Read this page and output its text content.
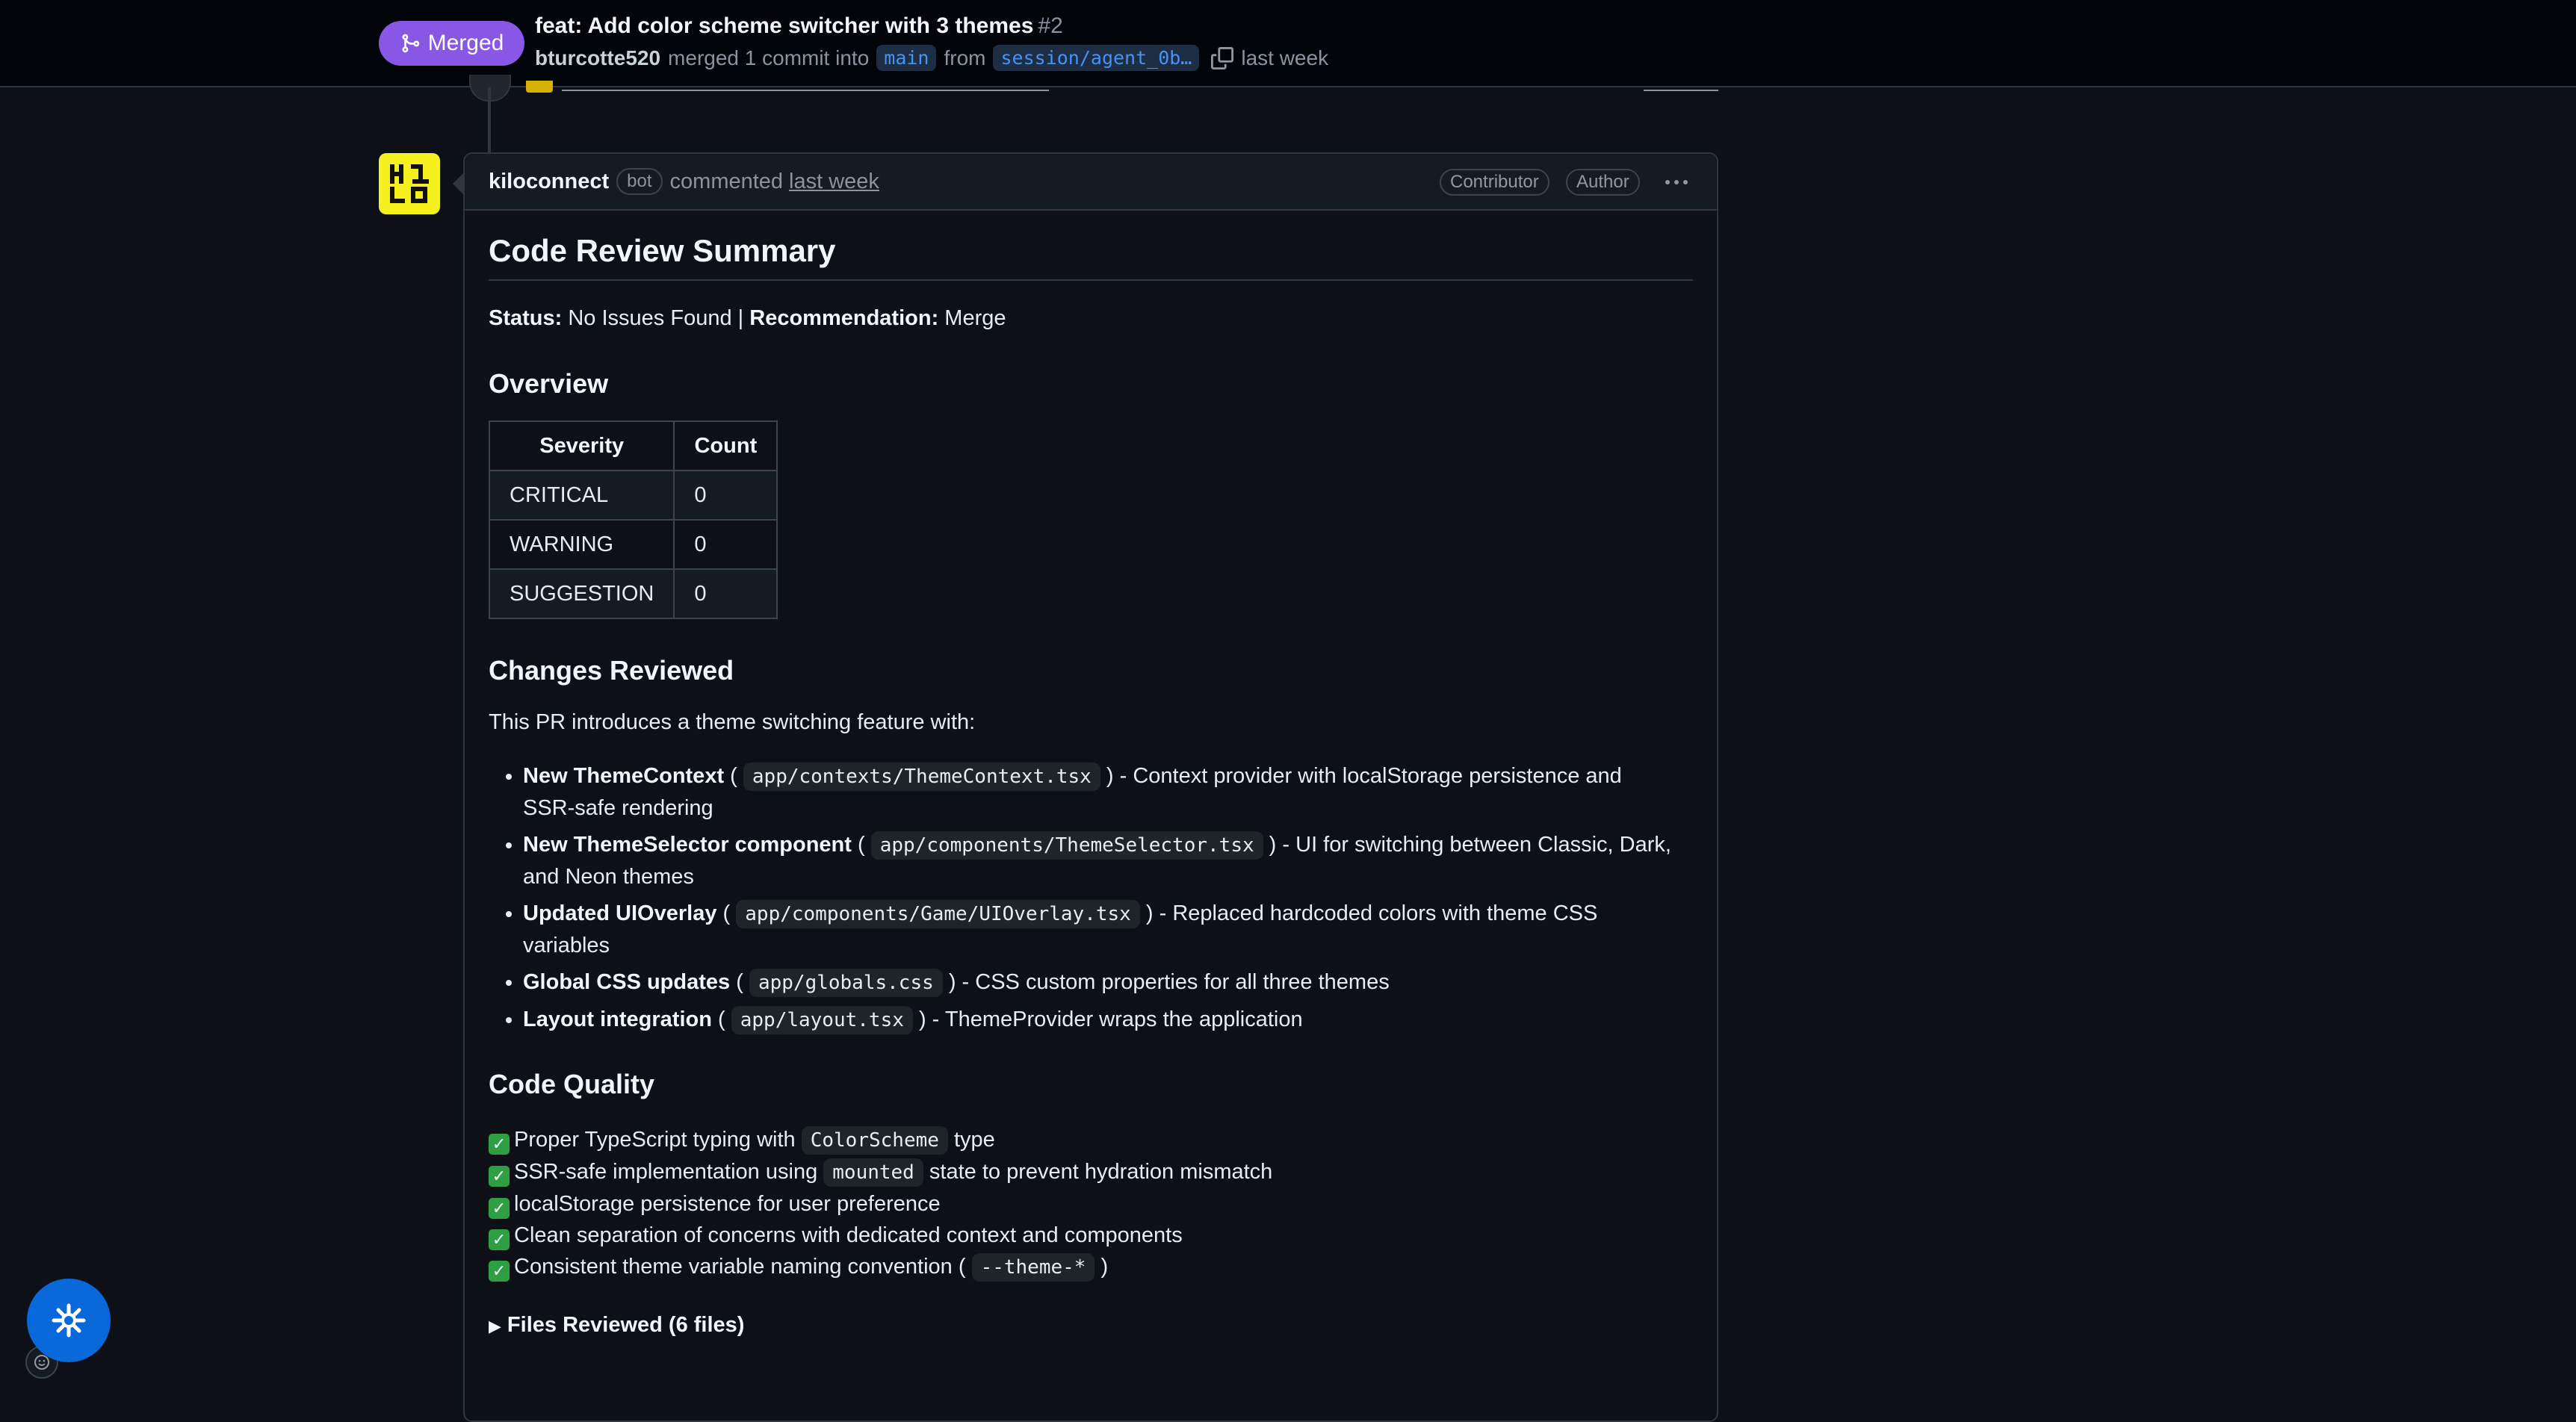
Merged
feat: Add color scheme switcher with 3 themes #2
bturcotte520 merged 1 commit into main from session/agent_0b…	last week
kiloconnect	bot commented last week	Contributor	Author
Code Review Summary
Status: No Issues Found | Recommendation: Merge
Overview
Severity	Count
CRITICAL	0
WARNING	0
SUGGESTION	0
Changes Reviewed
This PR introduces a theme switching feature with:
• New ThemeContext ( app/contexts/ThemeContext.tsx ) - Context provider with localStorage persistence and SSR-safe rendering
• New ThemeSelector component ( app/components/ThemeSelector.tsx ) - UI for switching between Classic, Dark, and Neon themes
• Updated UIOverlay ( app/components/Game/UIOverlay.tsx ) - Replaced hardcoded colors with theme CSS variables
• Global CSS updates ( app/globals.css ) - CSS custom properties for all three themes
• Layout integration ( app/layout.tsx ) - ThemeProvider wraps the application
Code Quality
✓ Proper TypeScript typing with ColorScheme type
✓ SSR-safe implementation using mounted state to prevent hydration mismatch
✓ localStorage persistence for user preference
✓ Clean separation of concerns with dedicated context and components
✓ Consistent theme variable naming convention ( --theme-* )
▶ Files Reviewed (6 files)
